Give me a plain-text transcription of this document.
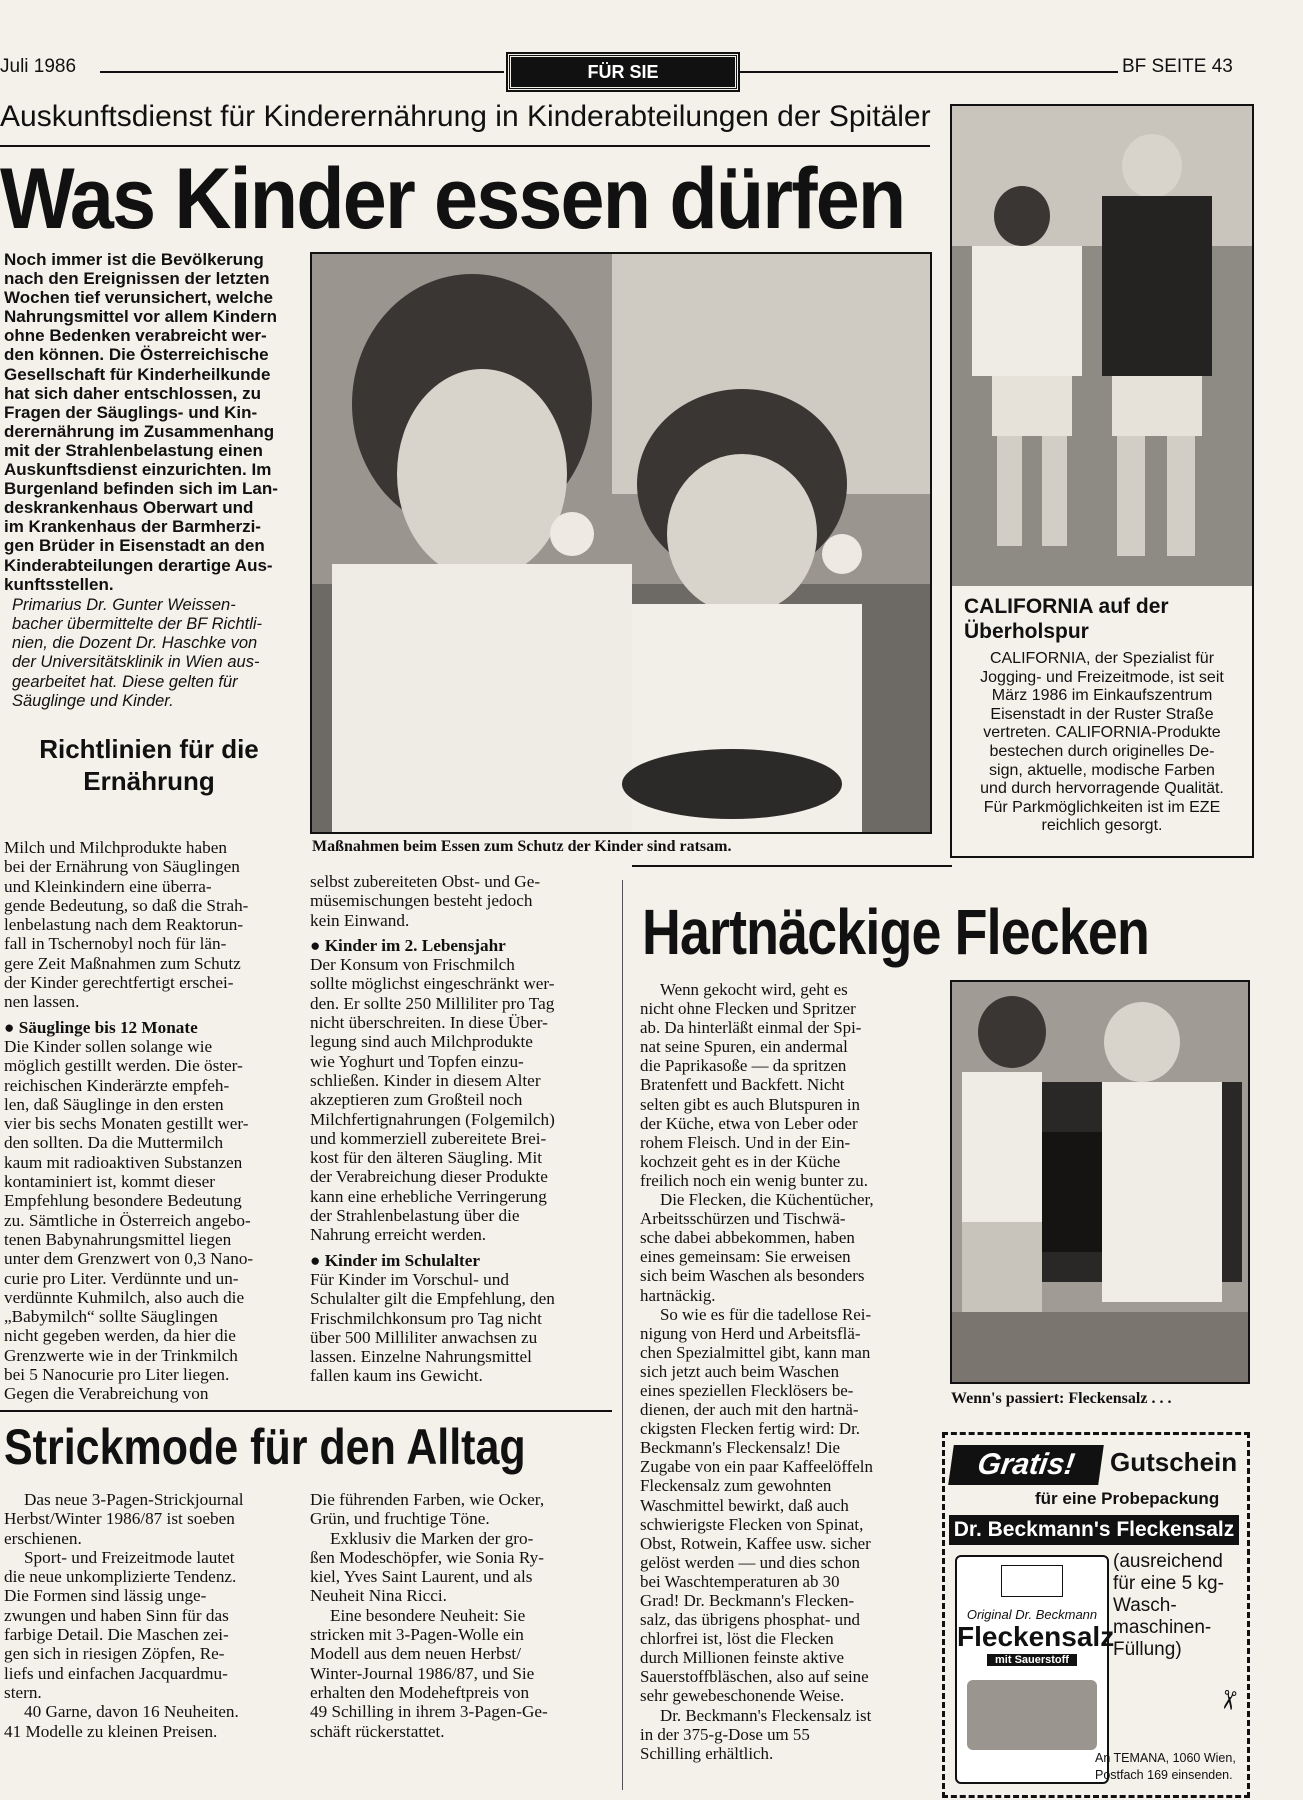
Juli 1986	FÜR SIE	BF SEITE 43
Auskunftsdienst für Kinderernährung in Kinderabteilungen der Spitäler
Was Kinder essen dürfen
Noch immer ist die Bevölkerung
nach den Ereignissen der letzten
Wochen tief verunsichert, welche
Nahrungsmittel vor allem Kindern
ohne Bedenken verabreicht wer-
den können. Die Österreichische
Gesellschaft für Kinderheilkunde
hat sich daher entschlossen, zu
Fragen der Säuglings- und Kin-
derernährung im Zusammenhang
mit der Strahlenbelastung einen
Auskunftsdienst einzurichten. Im
Burgenland befinden sich im Lan-
deskrankenhaus Oberwart und
im Krankenhaus der Barmherzi-
gen Brüder in Eisenstadt an den
Kinderabteilungen derartige Aus-
kunftsstellen.
Primarius Dr. Gunter Weissen-
bacher übermittelte der BF Richtli-
nien, die Dozent Dr. Haschke von
der Universitätsklinik in Wien aus-
gearbeitet hat. Diese gelten für
Säuglinge und Kinder.
Richtlinien für die Ernährung
Milch und Milchprodukte haben
bei der Ernährung von Säuglingen
und Kleinkindern eine überra-
gende Bedeutung, so daß die Strah-
lenbelastung nach dem Reaktorun-
fall in Tschernobyl noch für län-
gere Zeit Maßnahmen zum Schutz
der Kinder gerechtfertigt erschei-
nen lassen.
● Säuglinge bis 12 Monate
Die Kinder sollen solange wie
möglich gestillt werden. Die öster-
reichischen Kinderärzte empfeh-
len, daß Säuglinge in den ersten
vier bis sechs Monaten gestillt wer-
den sollten. Da die Muttermilch
kaum mit radioaktiven Substanzen
kontaminiert ist, kommt dieser
Empfehlung besondere Bedeutung
zu. Sämtliche in Österreich angebo-
tenen Babynahrungsmittel liegen
unter dem Grenzwert von 0,3 Nano-
curie pro Liter. Verdünnte und un-
verdünnte Kuhmilch, also auch die
„Babymilch“ sollte Säuglingen
nicht gegeben werden, da hier die
Grenzwerte wie in der Trinkmilch
bei 5 Nanocurie pro Liter liegen.
Gegen die Verabreichung von
Maßnahmen beim Essen zum Schutz der Kinder sind ratsam.
selbst zubereiteten Obst- und Ge-
müsemischungen besteht jedoch
kein Einwand.
● Kinder im 2. Lebensjahr
Der Konsum von Frischmilch
sollte möglichst eingeschränkt wer-
den. Er sollte 250 Milliliter pro Tag
nicht überschreiten. In diese Über-
legung sind auch Milchprodukte
wie Yoghurt und Topfen einzu-
schließen. Kinder in diesem Alter
akzeptieren zum Großteil noch
Milchfertignahrungen (Folgemilch)
und kommerziell zubereitete Brei-
kost für den älteren Säugling. Mit
der Verabreichung dieser Produkte
kann eine erhebliche Verringerung
der Strahlenbelastung über die
Nahrung erreicht werden.
● Kinder im Schulalter
Für Kinder im Vorschul- und
Schulalter gilt die Empfehlung, den
Frischmilchkonsum pro Tag nicht
über 500 Milliliter anwachsen zu
lassen. Einzelne Nahrungsmittel
fallen kaum ins Gewicht.
CALIFORNIA auf der Überholspur
CALIFORNIA, der Spezialist für
Jogging- und Freizeitmode, ist seit
März 1986 im Einkaufszentrum
Eisenstadt in der Ruster Straße
vertreten. CALIFORNIA-Produkte
bestechen durch originelles De-
sign, aktuelle, modische Farben
und durch hervorragende Qualität.
Für Parkmöglichkeiten ist im EZE
reichlich gesorgt.
Hartnäckige Flecken
Wenn gekocht wird, geht es
nicht ohne Flecken und Spritzer
ab. Da hinterläßt einmal der Spi-
nat seine Spuren, ein andermal
die Paprikasoße — da spritzen
Bratenfett und Backfett. Nicht
selten gibt es auch Blutspuren in
der Küche, etwa von Leber oder
rohem Fleisch. Und in der Ein-
kochzeit geht es in der Küche
freilich noch ein wenig bunter zu.
Die Flecken, die Küchentücher,
Arbeitsschürzen und Tischwä-
sche dabei abbekommen, haben
eines gemeinsam: Sie erweisen
sich beim Waschen als besonders
hartnäckig.
So wie es für die tadellose Rei-
nigung von Herd und Arbeitsflä-
chen Spezialmittel gibt, kann man
sich jetzt auch beim Waschen
eines speziellen Flecklösers be-
dienen, der auch mit den hartnä-
ckigsten Flecken fertig wird: Dr.
Beckmann's Fleckensalz! Die
Zugabe von ein paar Kaffeelöffeln
Fleckensalz zum gewohnten
Waschmittel bewirkt, daß auch
schwierigste Flecken von Spinat,
Obst, Rotwein, Kaffee usw. sicher
gelöst werden — und dies schon
bei Waschtemperaturen ab 30
Grad! Dr. Beckmann's Flecken-
salz, das übrigens phosphat- und
chlorfrei ist, löst die Flecken
durch Millionen feinste aktive
Sauerstoffbläschen, also auf seine
sehr gewebeschonende Weise.
Dr. Beckmann's Fleckensalz ist
in der 375-g-Dose um 55
Schilling erhältlich.
Wenn's passiert: Fleckensalz . . .
Gratis!	Gutschein
für eine Probepackung
Dr. Beckmann's Fleckensalz
Original Dr. Beckmann
Fleckensalz
mit Sauerstoff
(ausreichend für eine 5 kg-Wasch-maschinen-Füllung)
An TEMANA, 1060 Wien,
Postfach 169 einsenden.
✂
Strickmode für den Alltag
Das neue 3-Pagen-Strickjournal
Herbst/Winter 1986/87 ist soeben
erschienen.
Sport- und Freizeitmode lautet
die neue unkomplizierte Tendenz.
Die Formen sind lässig unge-
zwungen und haben Sinn für das
farbige Detail. Die Maschen zei-
gen sich in riesigen Zöpfen, Re-
liefs und einfachen Jacquardmu-
stern.
40 Garne, davon 16 Neuheiten.
41 Modelle zu kleinen Preisen.
Die führenden Farben, wie Ocker,
Grün, und fruchtige Töne.
Exklusiv die Marken der gro-
ßen Modeschöpfer, wie Sonia Ry-
kiel, Yves Saint Laurent, und als
Neuheit Nina Ricci.
Eine besondere Neuheit: Sie
stricken mit 3-Pagen-Wolle ein
Modell aus dem neuen Herbst/
Winter-Journal 1986/87, und Sie
erhalten den Modeheftpreis von
49 Schilling in ihrem 3-Pagen-Ge-
schäft rückerstattet.
